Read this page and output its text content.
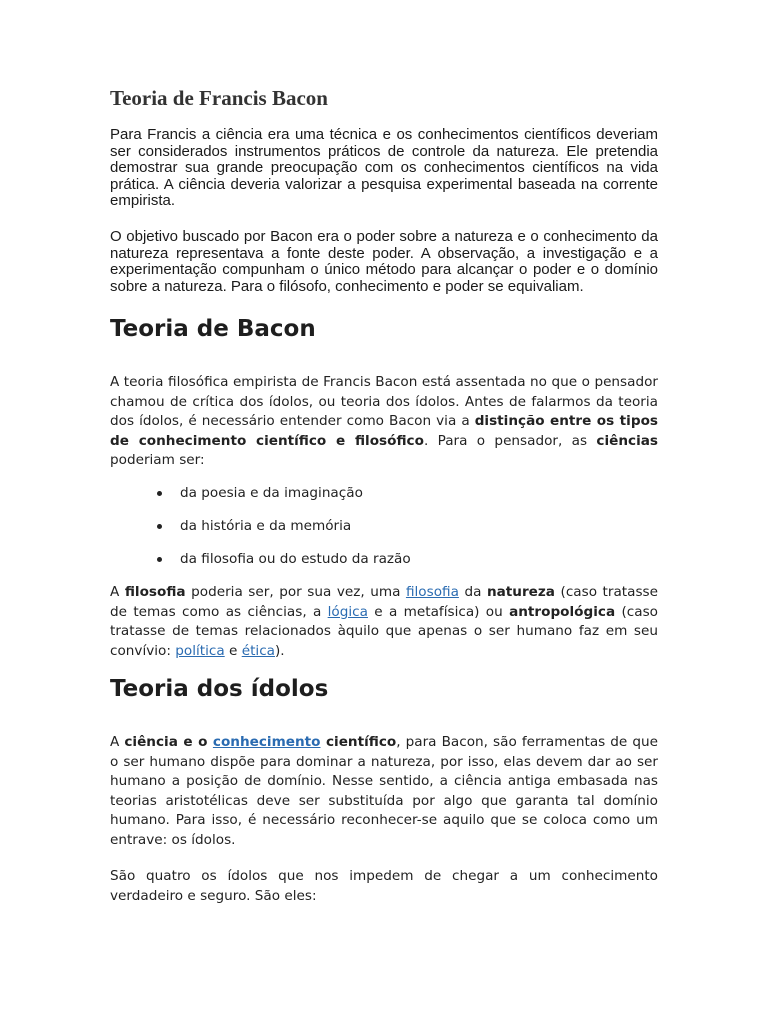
Teoria de Francis Bacon

Para Francis a ciência era uma técnica e os conhecimentos científicos deveriam ser considerados instrumentos práticos de controle da natureza. Ele pretendia demostrar sua grande preocupação com os conhecimentos científicos na vida prática. A ciência deveria valorizar a pesquisa experimental baseada na corrente empirista.

O objetivo buscado por Bacon era o poder sobre a natureza e o conhecimento da natureza representava a fonte deste poder. A observação, a investigação e a experimentação compunham o único método para alcançar o poder e o domínio sobre a natureza. Para o filósofo, conhecimento e poder se equivaliam.

Teoria de Bacon

A teoria filosófica empirista de Francis Bacon está assentada no que o pensador chamou de crítica dos ídolos, ou teoria dos ídolos. Antes de falarmos da teoria dos ídolos, é necessário entender como Bacon via a distinção entre os tipos de conhecimento científico e filosófico. Para o pensador, as ciências poderiam ser:

da poesia e da imaginação
da história e da memória
da filosofia ou do estudo da razão

A filosofia poderia ser, por sua vez, uma filosofia da natureza (caso tratasse de temas como as ciências, a lógica e a metafísica) ou antropológica (caso tratasse de temas relacionados àquilo que apenas o ser humano faz em seu convívio: política e ética).

Teoria dos ídolos

A ciência e o conhecimento científico, para Bacon, são ferramentas de que o ser humano dispõe para dominar a natureza, por isso, elas devem dar ao ser humano a posição de domínio. Nesse sentido, a ciência antiga embasada nas teorias aristotélicas deve ser substituída por algo que garanta tal domínio humano. Para isso, é necessário reconhecer-se aquilo que se coloca como um entrave: os ídolos.

São quatro os ídolos que nos impedem de chegar a um conhecimento verdadeiro e seguro. São eles:
